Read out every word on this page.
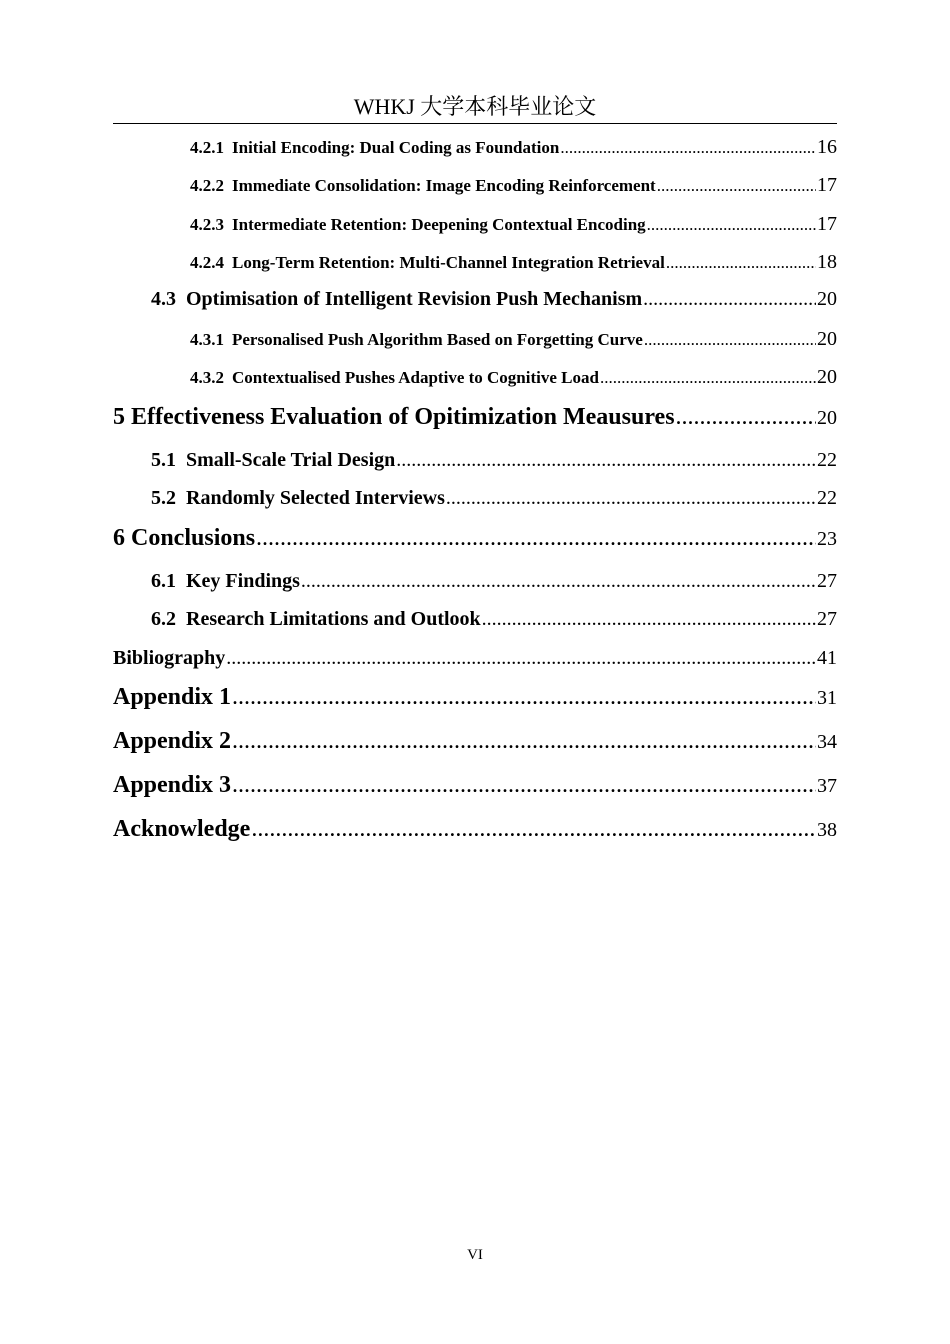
WHKJ 大学本科毕业论文
4.2.1 Initial Encoding: Dual Coding as Foundation .....	16
4.2.2 Immediate Consolidation: Image Encoding Reinforcement .....	17
4.2.3 Intermediate Retention: Deepening Contextual Encoding .....	17
4.2.4 Long-Term Retention: Multi-Channel Integration Retrieval .....	18
4.3 Optimisation of Intelligent Revision Push Mechanism .....	20
4.3.1 Personalised Push Algorithm Based on Forgetting Curve .....	20
4.3.2 Contextualised Pushes Adaptive to Cognitive Load .....	20
5 Effectiveness Evaluation of Opitimization Meausures .....	20
5.1 Small-Scale Trial Design .....	22
5.2 Randomly Selected Interviews .....	22
6 Conclusions .....	23
6.1 Key Findings .....	27
6.2 Research Limitations and Outlook .....	27
Bibliography .....	41
Appendix 1 .....	31
Appendix 2 .....	34
Appendix 3 .....	37
Acknowledge .....	38
VI
